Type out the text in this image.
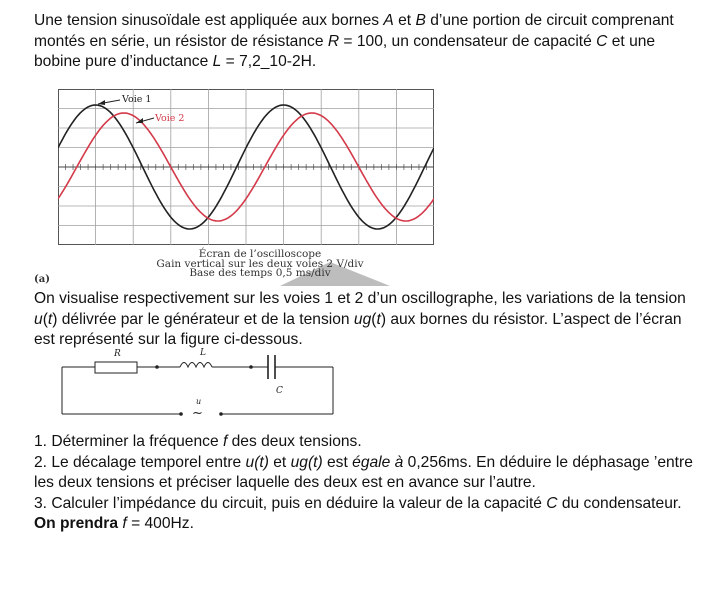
Une tension sinusoïdale est appliquée aux bornes A et B d’une portion de circuit comprenant montés en série, un résistor de résistance R = 100, un condensateur de capacité C et une bobine pure d’inductance L = 7,2_10-2H.
Voie 1
Voie 2
Écran de l’oscilloscope
Gain vertical sur les deux voies 2 V/div
Base des temps 0,5 ms/div
(a)
On visualise respectivement sur les voies 1 et 2 d’un oscillographe, les variations de la tension u(t) délivrée par le générateur et de la tension ug(t) aux bornes du résistor. L’aspect de l’écran est représenté sur la figure ci-dessous.
R	L
C
u
~
1. Déterminer la fréquence f des deux tensions.
2. Le décalage temporel entre u(t) et ug(t) est égale à 0,256ms. En déduire le déphasage ’entre les deux tensions et préciser laquelle des deux est en avance sur l’autre.
3. Calculer l’impédance du circuit, puis en déduire la valeur de la capacité C du condensateur.
On prendra f = 400Hz.
